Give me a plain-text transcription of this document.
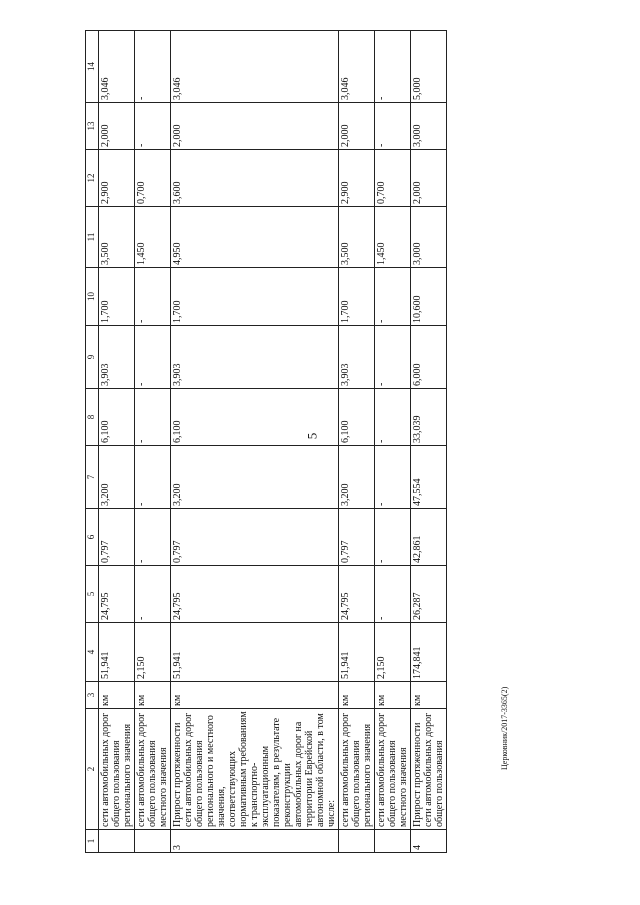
5
1	2	3	4	5	6	7	8	9	10	11	12	13	14
	сети автомобильных дорог общего пользования регионального значения	км	51,941	24,795	0,797	3,200	6,100	3,903	1,700	3,500	2,900	2,000	3,046
	сети автомобильных дорог общего пользования местного значения	км	2,150	-	-	-	-	-	-	1,450	0,700	-	-
3	Прирост протяженности сети автомобильных дорог общего пользования регионального и местного значения, соответствующих нормативным требованиям к транспортно-эксплуатационным показателям, в результате реконструкции автомобильных дорог на территории Еврейской автономной области, в том числе:	км	51,941	24,795	0,797	3,200	6,100	3,903	1,700	4,950	3,600	2,000	3,046
	сети автомобильных дорог общего пользования регионального значения	км	51,941	24,795	0,797	3,200	6,100	3,903	1,700	3,500	2,900	2,000	3,046
	сети автомобильных дорог общего пользования местного значения	км	2,150	-	-	-	-	-	-	1,450	0,700	-	-
4	Прирост протяженности сети автомобильных дорог общего пользования	км	174,841	26,287	42,861	47,554	33,039	6,000	10,600	3,000	2,000	3,000	5,000
Церковник/2017-3365(2)
